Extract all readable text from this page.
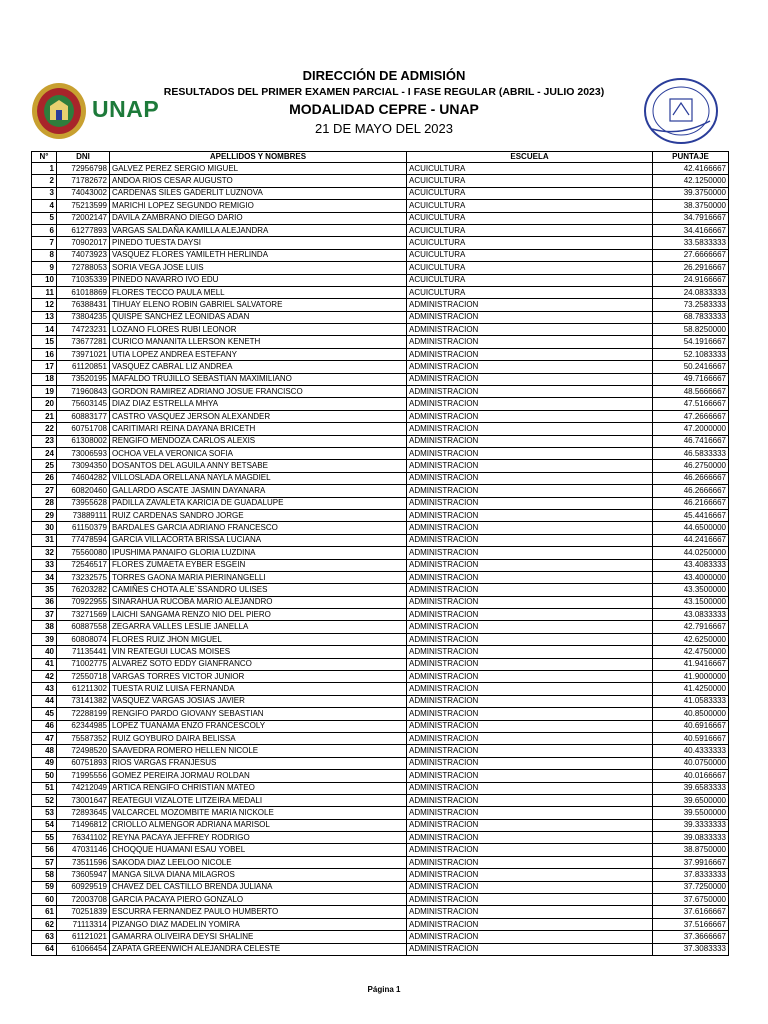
UNAP
DIRECCIÓN DE ADMISIÓN
RESULTADOS DEL PRIMER EXAMEN PARCIAL - I FASE REGULAR (ABRIL - JULIO 2023)
MODALIDAD CEPRE - UNAP
21 DE MAYO DEL 2023
N°	DNI	APELLIDOS Y NOMBRES	ESCUELA	PUNTAJE
1	72956798	GALVEZ PEREZ SERGIO MIGUEL	ACUICULTURA	42.4166667
2	71782672	ANDOA RIOS CESAR AUGUSTO	ACUICULTURA	42.1250000
3	74043002	CARDENAS SILES GADERLIT LUZNOVA	ACUICULTURA	39.3750000
4	75213599	MARICHI LOPEZ SEGUNDO REMIGIO	ACUICULTURA	38.3750000
5	72002147	DAVILA ZAMBRANO DIEGO DARIO	ACUICULTURA	34.7916667
6	61277893	VARGAS SALDAÑA KAMILLA ALEJANDRA	ACUICULTURA	34.4166667
7	70902017	PINEDO TUESTA DAYSI	ACUICULTURA	33.5833333
8	74073923	VASQUEZ FLORES YAMILETH HERLINDA	ACUICULTURA	27.6666667
9	72788053	SORIA VEGA JOSE LUIS	ACUICULTURA	26.2916667
10	71035339	PINEDO NAVARRO IVO EDU	ACUICULTURA	24.9166667
11	61018869	FLORES TECCO PAULA MELL	ACUICULTURA	24.0833333
12	76388431	TIHUAY ELENO ROBIN GABRIEL SALVATORE	ADMINISTRACION	73.2583333
13	73804235	QUISPE SANCHEZ LEONIDAS ADAN	ADMINISTRACION	68.7833333
14	74723231	LOZANO FLORES RUBI LEONOR	ADMINISTRACION	58.8250000
15	73677281	CURICO MANANITA LLERSON KENETH	ADMINISTRACION	54.1916667
16	73971021	UTIA LOPEZ ANDREA ESTEFANY	ADMINISTRACION	52.1083333
17	61120851	VASQUEZ CABRAL LIZ ANDREA	ADMINISTRACION	50.2416667
18	73520195	MAFALDO TRUJILLO SEBASTIAN MAXIMILIANO	ADMINISTRACION	49.7166667
19	71960843	GORDON RAMIREZ ADRIANO JOSUE FRANCISCO	ADMINISTRACION	48.5666667
20	75603145	DIAZ DIAZ ESTRELLA MHYA	ADMINISTRACION	47.5166667
21	60883177	CASTRO VASQUEZ JERSON ALEXANDER	ADMINISTRACION	47.2666667
22	60751708	CARITIMARI REINA DAYANA BRICETH	ADMINISTRACION	47.2000000
23	61308002	RENGIFO MENDOZA CARLOS ALEXIS	ADMINISTRACION	46.7416667
24	73006593	OCHOA VELA VERONICA SOFIA	ADMINISTRACION	46.5833333
25	73094350	DOSANTOS DEL AGUILA ANNY BETSABE	ADMINISTRACION	46.2750000
26	74604282	VILLOSLADA ORELLANA NAYLA MAGDIEL	ADMINISTRACION	46.2666667
27	60820460	GALLARDO ASCATE JASMIN DAYANARA	ADMINISTRACION	46.2666667
28	73955628	PADILLA ZAVALETA KARICIA DE GUADALUPE	ADMINISTRACION	46.2166667
29	73889111	RUIZ CARDENAS SANDRO JORGE	ADMINISTRACION	45.4416667
30	61150379	BARDALES GARCIA ADRIANO FRANCESCO	ADMINISTRACION	44.6500000
31	77478594	GARCIA VILLACORTA BRISSA LUCIANA	ADMINISTRACION	44.2416667
32	75560080	IPUSHIMA PANAIFO GLORIA LUZDINA	ADMINISTRACION	44.0250000
33	72546517	FLORES ZUMAETA EYBER ESGEIN	ADMINISTRACION	43.4083333
34	73232575	TORRES GAONA MARIA PIERINANGELLI	ADMINISTRACION	43.4000000
35	76203282	CAMIÑES CHOTA ALE`SSANDRO ULISES	ADMINISTRACION	43.3500000
36	70922955	SINARAHUA RUCOBA MARIO ALEJANDRO	ADMINISTRACION	43.1500000
37	73271569	LAICHI SANGAMA RENZO NIO DEL PIERO	ADMINISTRACION	43.0833333
38	60887558	ZEGARRA VALLES LESLIE JANELLA	ADMINISTRACION	42.7916667
39	60808074	FLORES RUIZ JHON MIGUEL	ADMINISTRACION	42.6250000
40	71135441	VIN REATEGUI LUCAS MOISES	ADMINISTRACION	42.4750000
41	71002775	ALVAREZ SOTO EDDY GIANFRANCO	ADMINISTRACION	41.9416667
42	72550718	VARGAS TORRES VICTOR JUNIOR	ADMINISTRACION	41.9000000
43	61211302	TUESTA RUIZ LUISA FERNANDA	ADMINISTRACION	41.4250000
44	73141382	VASQUEZ VARGAS JOSIAS JAVIER	ADMINISTRACION	41.0583333
45	72288199	RENGIFO PARDO GIOVANY SEBASTIAN	ADMINISTRACION	40.8500000
46	62344985	LOPEZ TUANAMA ENZO FRANCESCOLY	ADMINISTRACION	40.6916667
47	75587352	RUIZ GOYBURO DAIRA BELISSA	ADMINISTRACION	40.5916667
48	72498520	SAAVEDRA ROMERO HELLEN NICOLE	ADMINISTRACION	40.4333333
49	60751893	RIOS VARGAS FRANJESUS	ADMINISTRACION	40.0750000
50	71995556	GOMEZ PEREIRA JORMAU ROLDAN	ADMINISTRACION	40.0166667
51	74212049	ARTICA RENGIFO CHRISTIAN MATEO	ADMINISTRACION	39.6583333
52	73001647	REATEGUI VIZALOTE LITZEIRA MEDALI	ADMINISTRACION	39.6500000
53	72893645	VALCARCEL MOZOMBITE MARIA NICKOLE	ADMINISTRACION	39.5500000
54	71496812	CRIOLLO ALMENGOR ADRIANA MARISOL	ADMINISTRACION	39.3333333
55	76341102	REYNA PACAYA JEFFREY RODRIGO	ADMINISTRACION	39.0833333
56	47031146	CHOQQUE HUAMANI ESAU YOBEL	ADMINISTRACION	38.8750000
57	73511596	SAKODA DIAZ LEELOO NICOLE	ADMINISTRACION	37.9916667
58	73605947	MANGA SILVA DIANA MILAGROS	ADMINISTRACION	37.8333333
59	60929519	CHAVEZ DEL CASTILLO BRENDA JULIANA	ADMINISTRACION	37.7250000
60	72003708	GARCIA PACAYA PIERO GONZALO	ADMINISTRACION	37.6750000
61	70251839	ESCURRA FERNANDEZ PAULO HUMBERTO	ADMINISTRACION	37.6166667
62	71113314	PIZANGO DIAZ MADELIN YOMIRA	ADMINISTRACION	37.5166667
63	61121021	GAMARRA OLIVEIRA DEYSI SHALINE	ADMINISTRACION	37.3666667
64	61066454	ZAPATA GREENWICH ALEJANDRA CELESTE	ADMINISTRACION	37.3083333
Página 1
